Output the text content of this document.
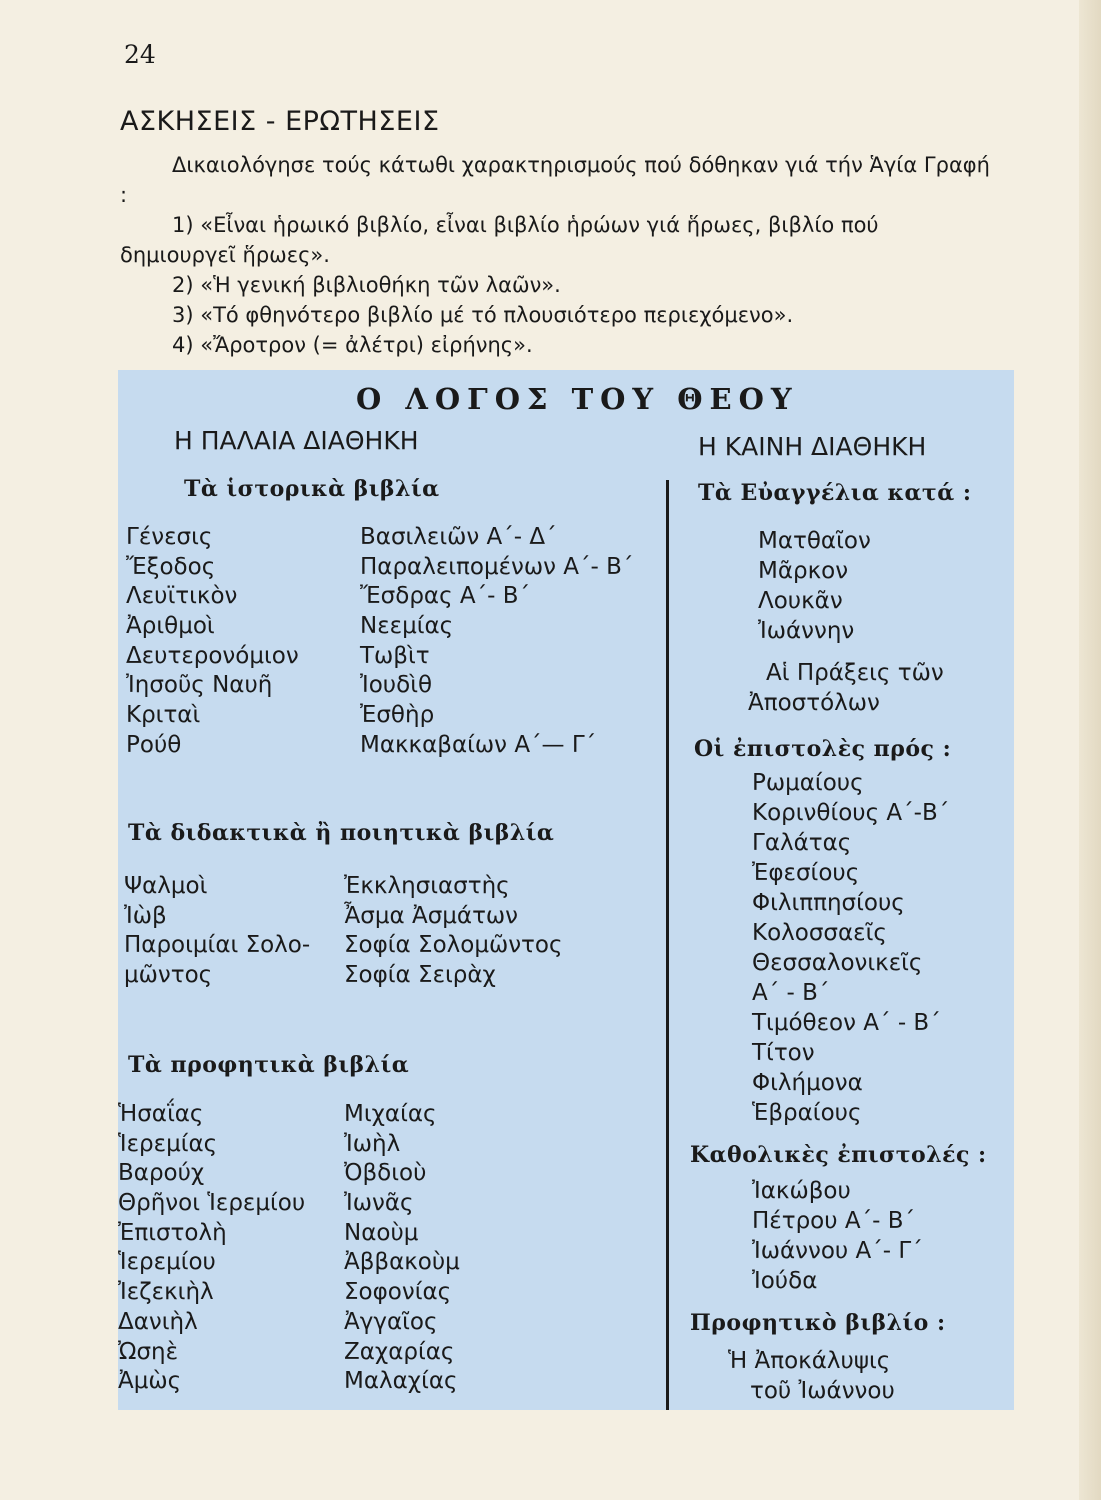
24
ΑΣΚΗΣΕΙΣ - ΕΡΩΤΗΣΕΙΣ

Δικαιολόγησε τούς κάτωθι χαρακτηρισμούς πού δόθηκαν γιά τήν Ἁγία Γραφή :

1) «Εἶναι ἡρωικό βιβλίο, εἶναι βιβλίο ἡρώων γιά ἥρωες, βιβλίο πού δημιουργεῖ ἥρωες».

2) «Ἡ γενική βιβλιοθήκη τῶν λαῶν».

3) «Τό φθηνότερο βιβλίο μέ τό πλουσιότερο περιεχόμενο».

4) «Ἄροτρον (= ἀλέτρι) εἰρήνης».

Ο ΛΟΓΟΣ ΤΟΥ ΘΕΟΥ
Η ΠΑΛΑΙΑ ΔΙΑΘΗΚΗ	Η ΚΑΙΝΗ ΔΙΑΘΗΚΗ
Τὰ ἱστορικὰ βιβλία
Γένεσις
Ἔξοδος
Λευϊτικὸν
Ἀριθμοὶ
Δευτερονόμιον
Ἰησοῦς Ναυῆ
Κριταὶ
Ρούθ
Βασιλειῶν Α΄- Δ΄
Παραλειπομένων Α΄- Β΄
Ἔσδρας Α΄- Β΄
Νεεμίας
Τωβὶτ
Ἰουδὶθ
Ἐσθὴρ
Μακκαβαίων Α΄— Γ΄
Τὰ διδακτικὰ ἢ ποιητικὰ βιβλία
Ψαλμοὶ
Ἰὼβ
Παροιμίαι Σολο-
μῶντος
Ἐκκλησιαστὴς
Ἆσμα Ἀσμάτων
Σοφία Σολομῶντος
Σοφία Σειρὰχ
Τὰ προφητικὰ βιβλία
Ἡσαΐας
Ἱερεμίας
Βαρούχ
Θρῆνοι Ἱερεμίου
Ἐπιστολὴ
Ἱερεμίου
Ἰεζεκιὴλ
Δανιὴλ
Ὠσηὲ
Ἀμὼς
Μιχαίας
Ἰωὴλ
Ὀβδιοὺ
Ἰωνᾶς
Ναοὺμ
Ἀββακοὺμ
Σοφονίας
Ἀγγαῖος
Ζαχαρίας
Μαλαχίας
Τὰ Εὐαγγέλια κατά :
Ματθαῖον
Μᾶρκον
Λουκᾶν
Ἰωάννην
Αἱ Πράξεις τῶν
Ἀποστόλων
Οἱ ἐπιστολὲς πρός :
Ρωμαίους
Κορινθίους Α΄-Β΄
Γαλάτας
Ἐφεσίους
Φιλιππησίους
Κολοσσαεῖς
Θεσσαλονικεῖς
Α΄ - Β΄
Τιμόθεον Α΄ - Β΄
Τίτον
Φιλήμονα
Ἑβραίους
Καθολικὲς ἐπιστολές :
Ἰακώβου
Πέτρου Α΄- Β΄
Ἰωάννου Α΄- Γ΄
Ἰούδα
Προφητικὸ βιβλίο :
Ἡ Ἀποκάλυψις
τοῦ Ἰωάννου
